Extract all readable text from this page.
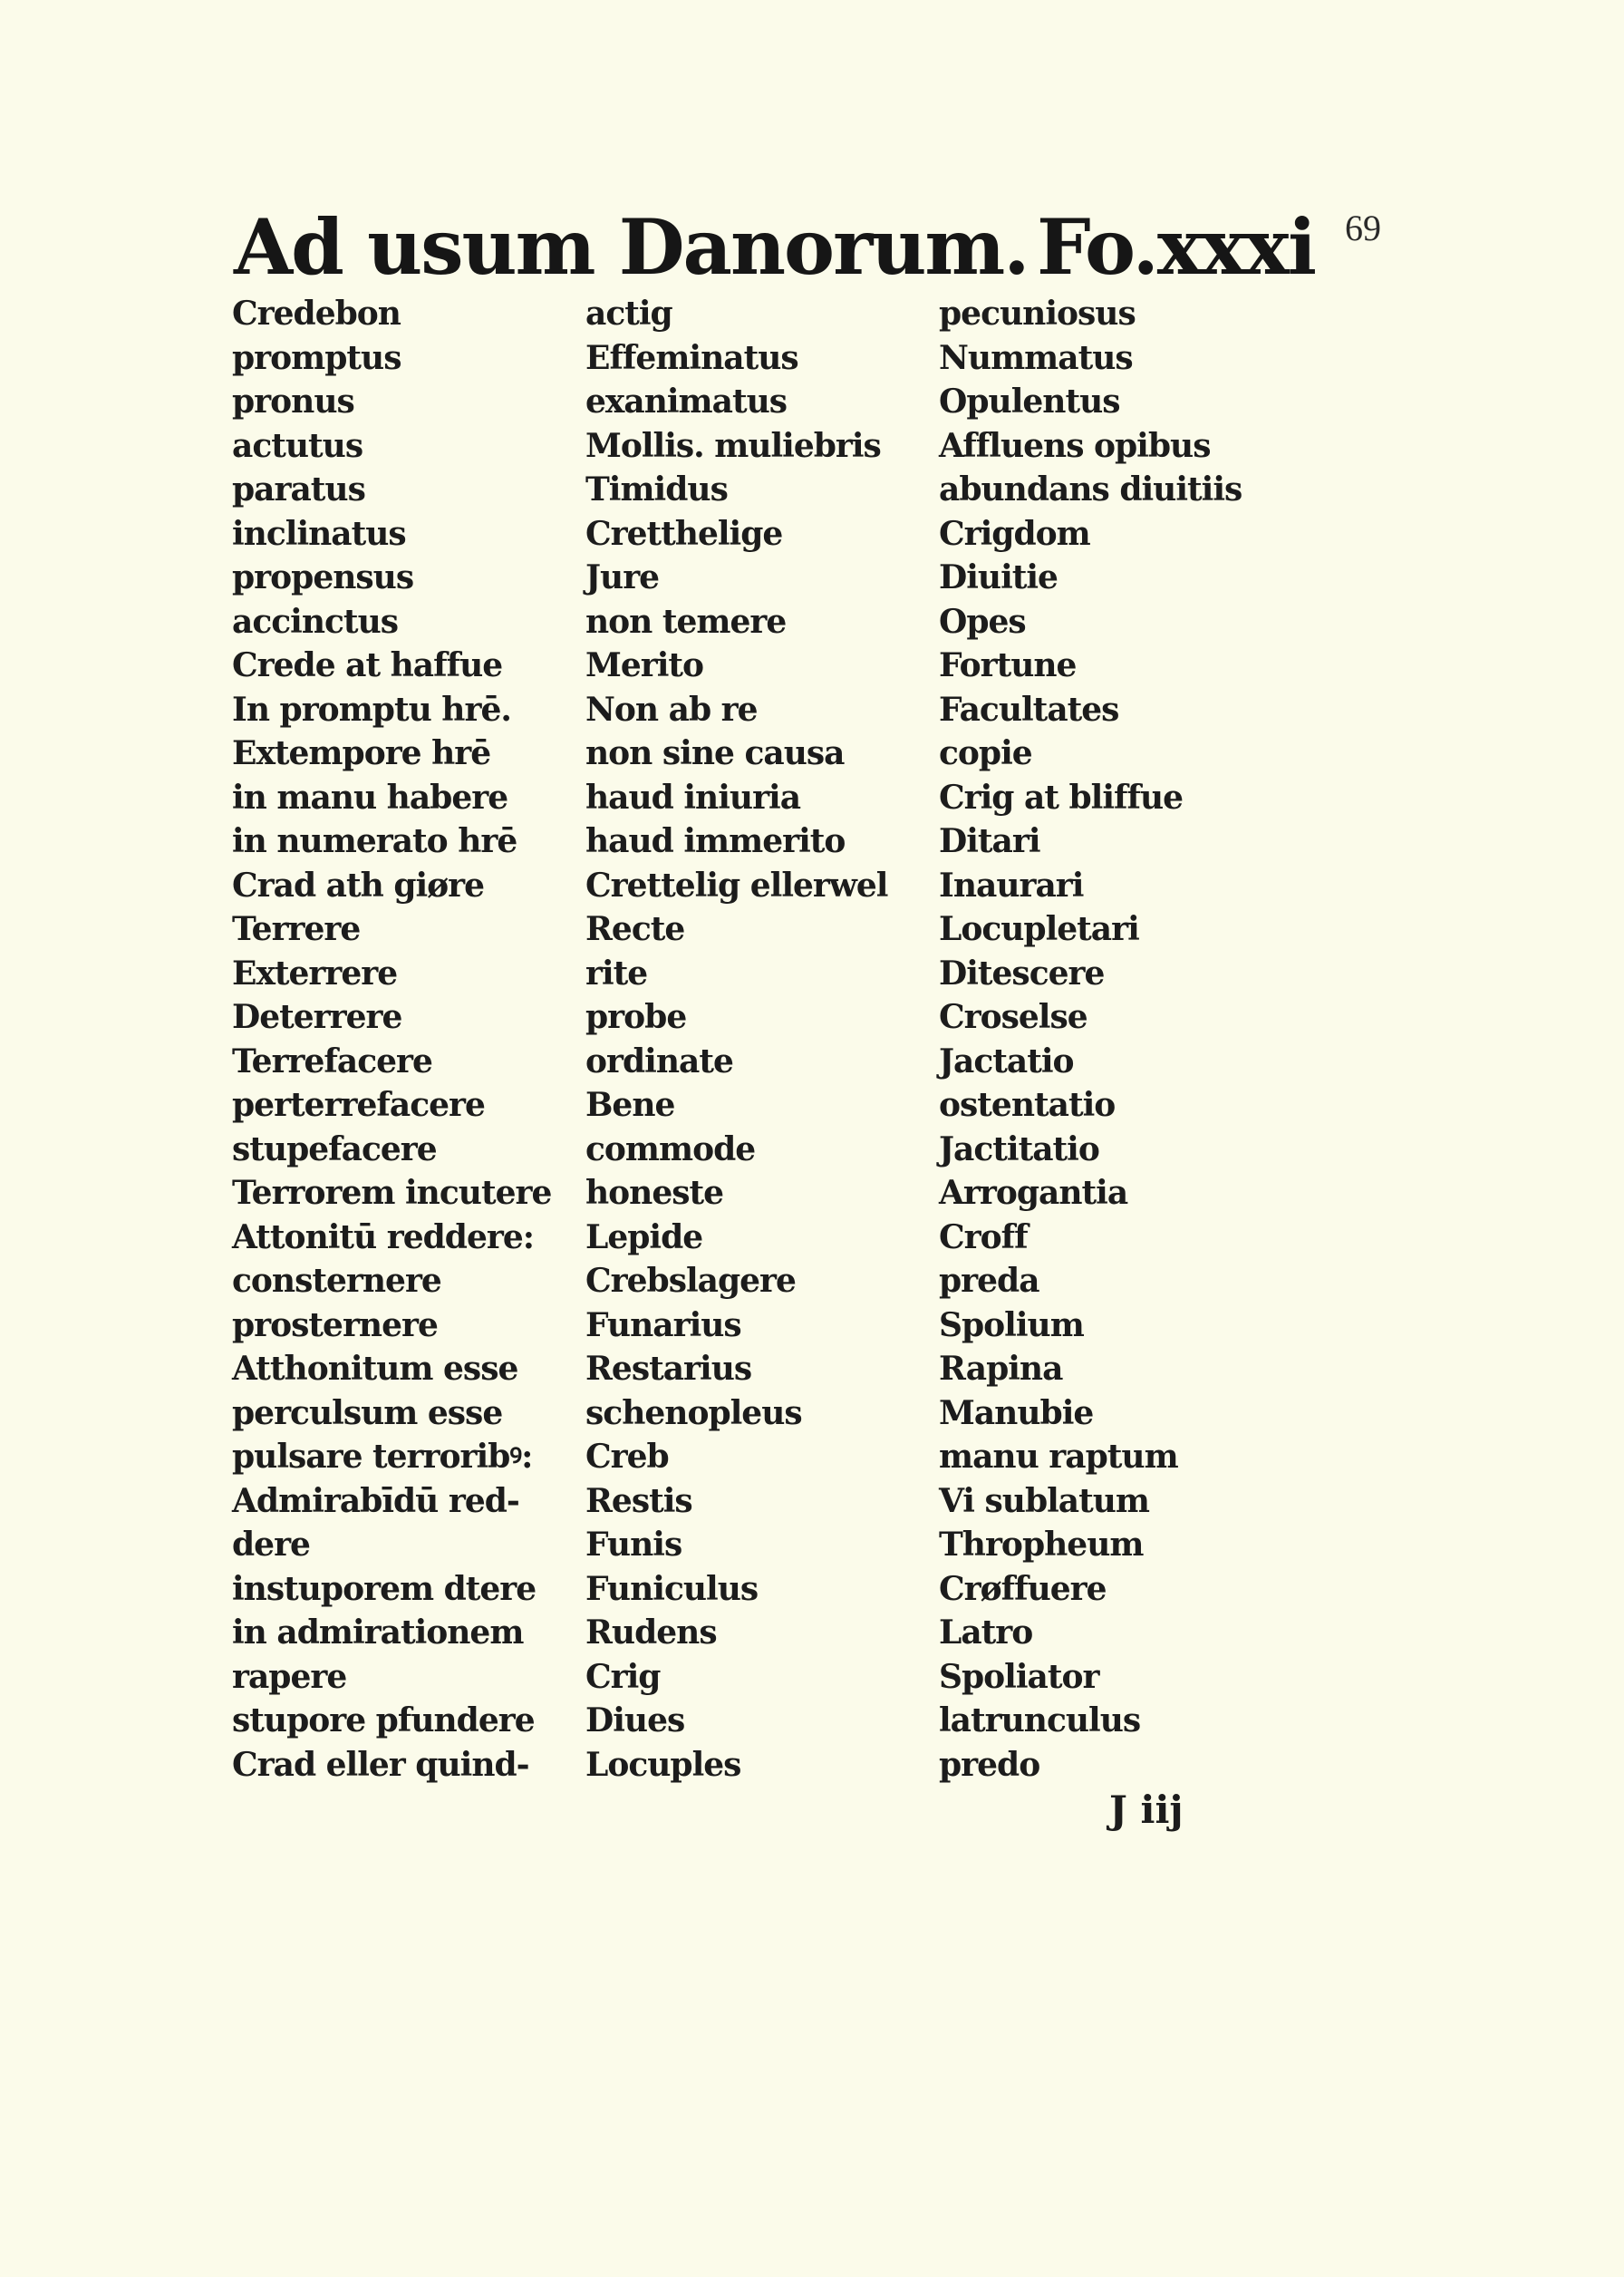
69
Ad usum Danorum. Fo.xxxi
Credebon
promptus
pronus
actutus
paratus
inclinatus
propensus
accinctus
Crede at haffue
In promptu hrē.
Extempore hrē
in manu habere
in numerato hrē
Crad ath giøre
Terrere
Exterrere
Deterrere
Terrefacere
perterrefacere
stupefacere
Terrorem incutere
Attonitū reddere:
consternere
prosternere
Atthonitum esse
perculsum esse
pulsare terroribꝰ:
Admirabīdū red-
dere
instuporem dtere
in admirationem
rapere
stupore pfundere
Crad eller quind-
actig
Effeminatus
exanimatus
Mollis. muliebris
Timidus
Cretthelige
Jure
non temere
Merito
Non ab re
non sine causa
haud iniuria
haud immerito
Crettelig ellerwel
Recte
rite
probe
ordinate
Bene
commode
honeste
Lepide
Crebslagere
Funarius
Restarius
schenopleus
Creb
Restis
Funis
Funiculus
Rudens
Crig
Diues
Locuples
pecuniosus
Nummatus
Opulentus
Affluens opibus
abundans diuitiis
Crigdom
Diuitie
Opes
Fortune
Facultates
copie
Crig at bliffue
Ditari
Inaurari
Locupletari
Ditescere
Croselse
Jactatio
ostentatio
Jactitatio
Arrogantia
Croff
preda
Spolium
Rapina
Manubie
manu raptum
Vi sublatum
Thropheum
Crøffuere
Latro
Spoliator
latrunculus
predo
J iij
